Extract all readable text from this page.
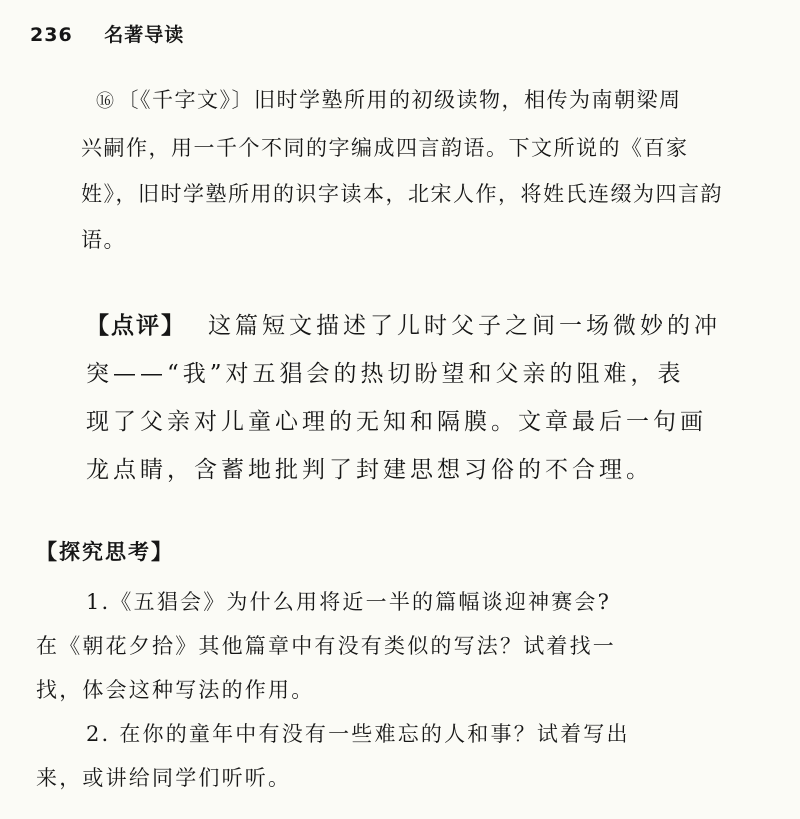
236 名著导读
⑯〔《千字文》〕旧时学塾所用的初级读物，相传为南朝梁周
兴嗣作，用一千个不同的字编成四言韵语。下文所说的《百家
姓》，旧时学塾所用的识字读本，北宋人作，将姓氏连缀为四言韵
语。
【点评】 这篇短文描述了儿时父子之间一场微妙的冲
突——“我”对五猖会的热切盼望和父亲的阻难，表
现了父亲对儿童心理的无知和隔膜。文章最后一句画
龙点睛，含蓄地批判了封建思想习俗的不合理。
【探究思考】
1.《五猖会》为什么用将近一半的篇幅谈迎神赛会?
在《朝花夕拾》其他篇章中有没有类似的写法？试着找一
找，体会这种写法的作用。
2. 在你的童年中有没有一些难忘的人和事？试着写出
来，或讲给同学们听听。
